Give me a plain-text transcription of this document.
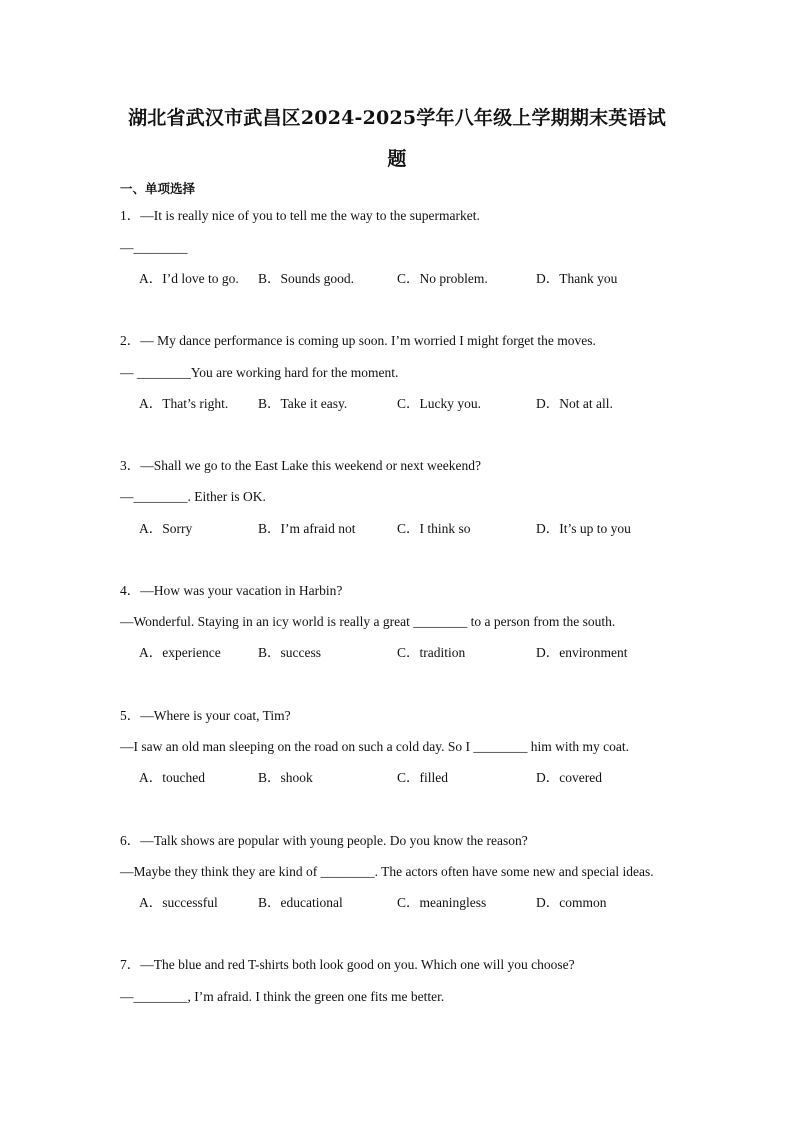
湖北省武汉市武昌区2024-2025学年八年级上学期期末英语试
题
一、单项选择
1．—It is really nice of you to tell me the way to the supermarket.
—________
A．I’d love to go. B．Sounds good.	C．No problem.	D．Thank you
2．— My dance performance is coming up soon. I’m worried I might forget the moves.
— ________You are working hard for the moment.
A．That’s right. B．Take it easy.	C．Lucky you.	D．Not at all.
3．—Shall we go to the East Lake this weekend or next weekend?
—________. Either is OK.
A．Sorry	B．I’m afraid not	C．I think so	D．It’s up to you
4．—How was your vacation in Harbin?
—Wonderful. Staying in an icy world is really a great ________ to a person from the south.
A．experience	B．success	C．tradition	D．environment
5．—Where is your coat, Tim?
—I saw an old man sleeping on the road on such a cold day. So I ________ him with my coat.
A．touched	B．shook	C．filled	D．covered
6．—Talk shows are popular with young people. Do you know the reason?
—Maybe they think they are kind of ________. The actors often have some new and special ideas.
A．successful	B．educational	C．meaningless	D．common
7．—The blue and red T-shirts both look good on you. Which one will you choose?
—________, I’m afraid. I think the green one fits me better.
